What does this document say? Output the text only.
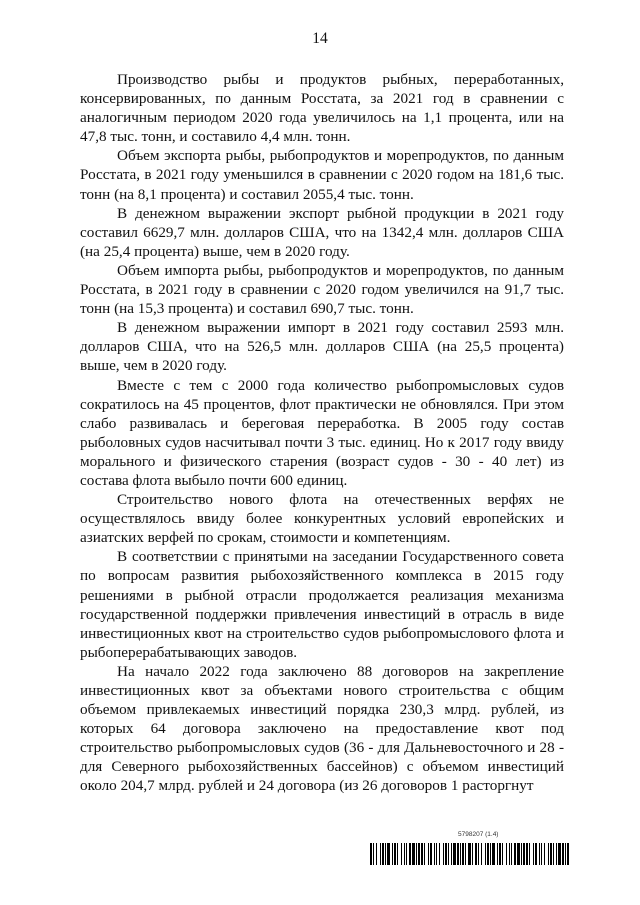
14

Производство рыбы и продуктов рыбных, переработанных, консервированных, по данным Росстата, за 2021 год в сравнении с аналогичным периодом 2020 года увеличилось на 1,1 процента, или на 47,8 тыс. тонн, и составило 4,4 млн. тонн.

Объем экспорта рыбы, рыбопродуктов и морепродуктов, по данным Росстата, в 2021 году уменьшился в сравнении с 2020 годом на 181,6 тыс. тонн (на 8,1 процента) и составил 2055,4 тыс. тонн.

В денежном выражении экспорт рыбной продукции в 2021 году составил 6629,7 млн. долларов США, что на 1342,4 млн. долларов США (на 25,4 процента) выше, чем в 2020 году.

Объем импорта рыбы, рыбопродуктов и морепродуктов, по данным Росстата, в 2021 году в сравнении с 2020 годом увеличился на 91,7 тыс. тонн (на 15,3 процента) и составил 690,7 тыс. тонн.

В денежном выражении импорт в 2021 году составил 2593 млн. долларов США, что на 526,5 млн. долларов США (на 25,5 процента) выше, чем в 2020 году.

Вместе с тем с 2000 года количество рыбопромысловых судов сократилось на 45 процентов, флот практически не обновлялся. При этом слабо развивалась и береговая переработка. В 2005 году состав рыболовных судов насчитывал почти 3 тыс. единиц. Но к 2017 году ввиду морального и физического старения (возраст судов - 30 - 40 лет) из состава флота выбыло почти 600 единиц.

Строительство нового флота на отечественных верфях не осуществлялось ввиду более конкурентных условий европейских и азиатских верфей по срокам, стоимости и компетенциям.

В соответствии с принятыми на заседании Государственного совета по вопросам развития рыбохозяйственного комплекса в 2015 году решениями в рыбной отрасли продолжается реализация механизма государственной поддержки привлечения инвестиций в отрасль в виде инвестиционных квот на строительство судов рыбопромыслового флота и рыбоперерабатывающих заводов.

На начало 2022 года заключено 88 договоров на закрепление инвестиционных квот за объектами нового строительства с общим объемом привлекаемых инвестиций порядка 230,3 млрд. рублей, из которых 64 договора заключено на предоставление квот под строительство рыбопромысловых судов (36 - для Дальневосточного и 28 - для Северного рыбохозяйственных бассейнов) с объемом инвестиций около 204,7 млрд. рублей и 24 договора (из 26 договоров 1 расторгнут

5798207 (1.4)
